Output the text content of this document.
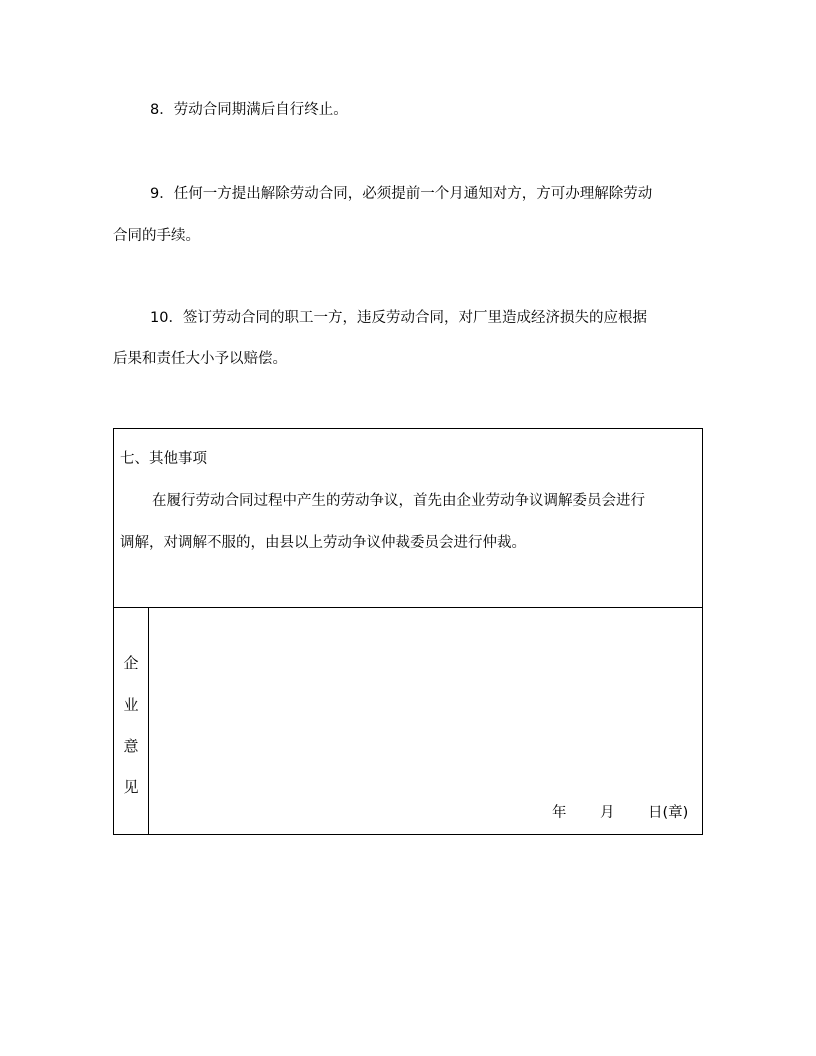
8．劳动合同期满后自行终止。
9．任何一方提出解除劳动合同，必须提前一个月通知对方，方可办理解除劳动
合同的手续。
10．签订劳动合同的职工一方，违反劳动合同，对厂里造成经济损失的应根据
后果和责任大小予以赔偿。
七、其他事项
在履行劳动合同过程中产生的劳动争议，首先由企业劳动争议调解委员会进行
调解，对调解不服的，由县以上劳动争议仲裁委员会进行仲裁。
企
业
意
见
年 月 日(章)
